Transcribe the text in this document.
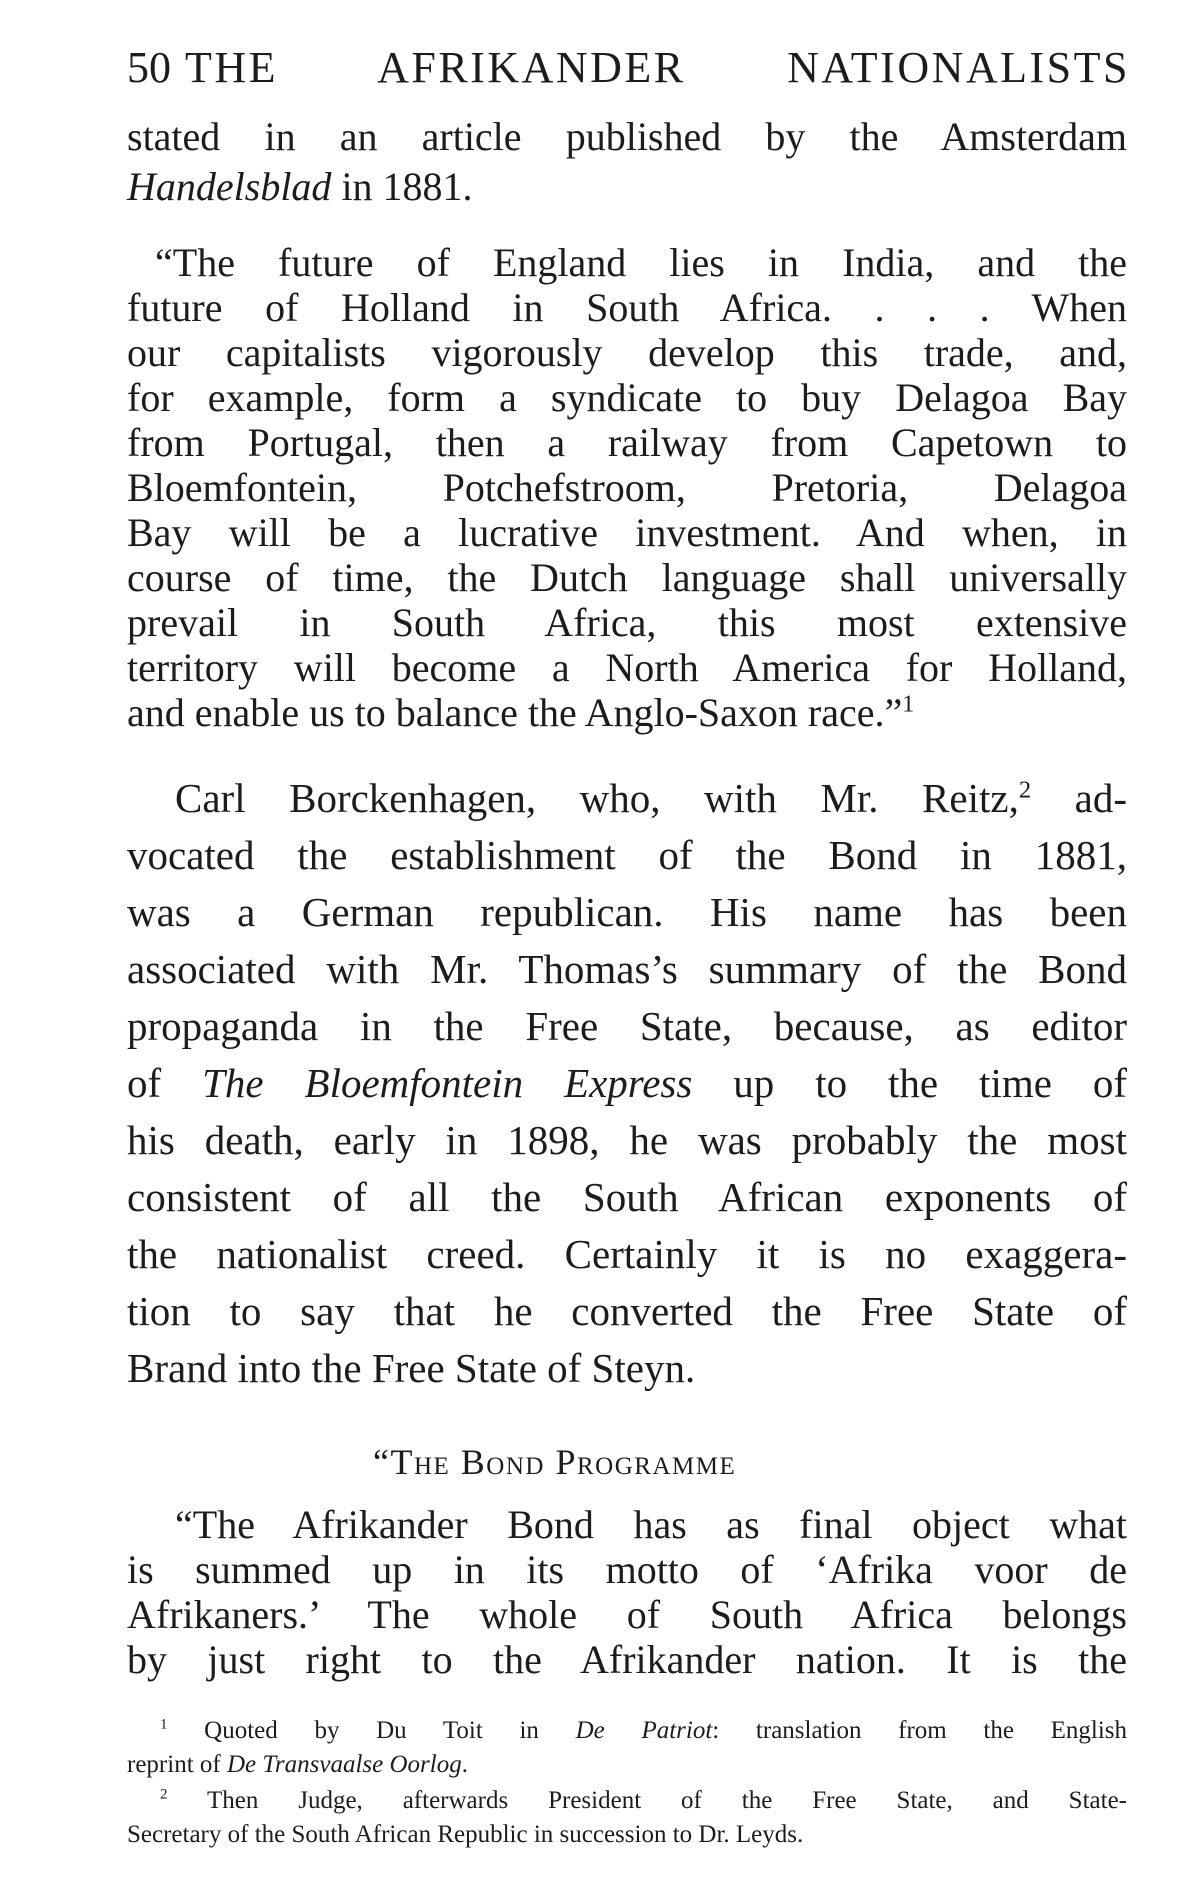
50 THE AFRIKANDER NATIONALISTS

stated in an article published by the Amsterdam

Handelsblad in 1881.

“The future of England lies in India, and the

future of Holland in South Africa. . . . When

our capitalists vigorously develop this trade, and,

for example, form a syndicate to buy Delagoa Bay

from Portugal, then a railway from Capetown to

Bloemfontein, Potchefstroom, Pretoria, Delagoa

Bay will be a lucrative investment. And when, in

course of time, the Dutch language shall universally

prevail in South Africa, this most extensive

territory will become a North America for Holland,

and enable us to balance the Anglo-Saxon race.”$^1$

Carl Borckenhagen, who, with Mr. Reitz,$^2$ ad-

vocated the establishment of the Bond in 1881,

was a German republican. His name has been

associated with Mr. Thomas’s summary of the Bond

propaganda in the Free State, because, as editor

of The Bloemfontein Express up to the time of

his death, early in 1898, he was probably the most

consistent of all the South African exponents of

the nationalist creed. Certainly it is no exaggera-

tion to say that he converted the Free State of

Brand into the Free State of Steyn.

“The Bond Programme

“The Afrikander Bond has as final object what

is summed up in its motto of ‘Afrika voor de

Afrikaners.’ The whole of South Africa belongs

by just right to the Afrikander nation. It is the

$^1$ Quoted by Du Toit in De Patriot: translation from the English

reprint of De Transvaalse Oorlog.

$^2$ Then Judge, afterwards President of the Free State, and State-

Secretary of the South African Republic in succession to Dr. Leyds.
